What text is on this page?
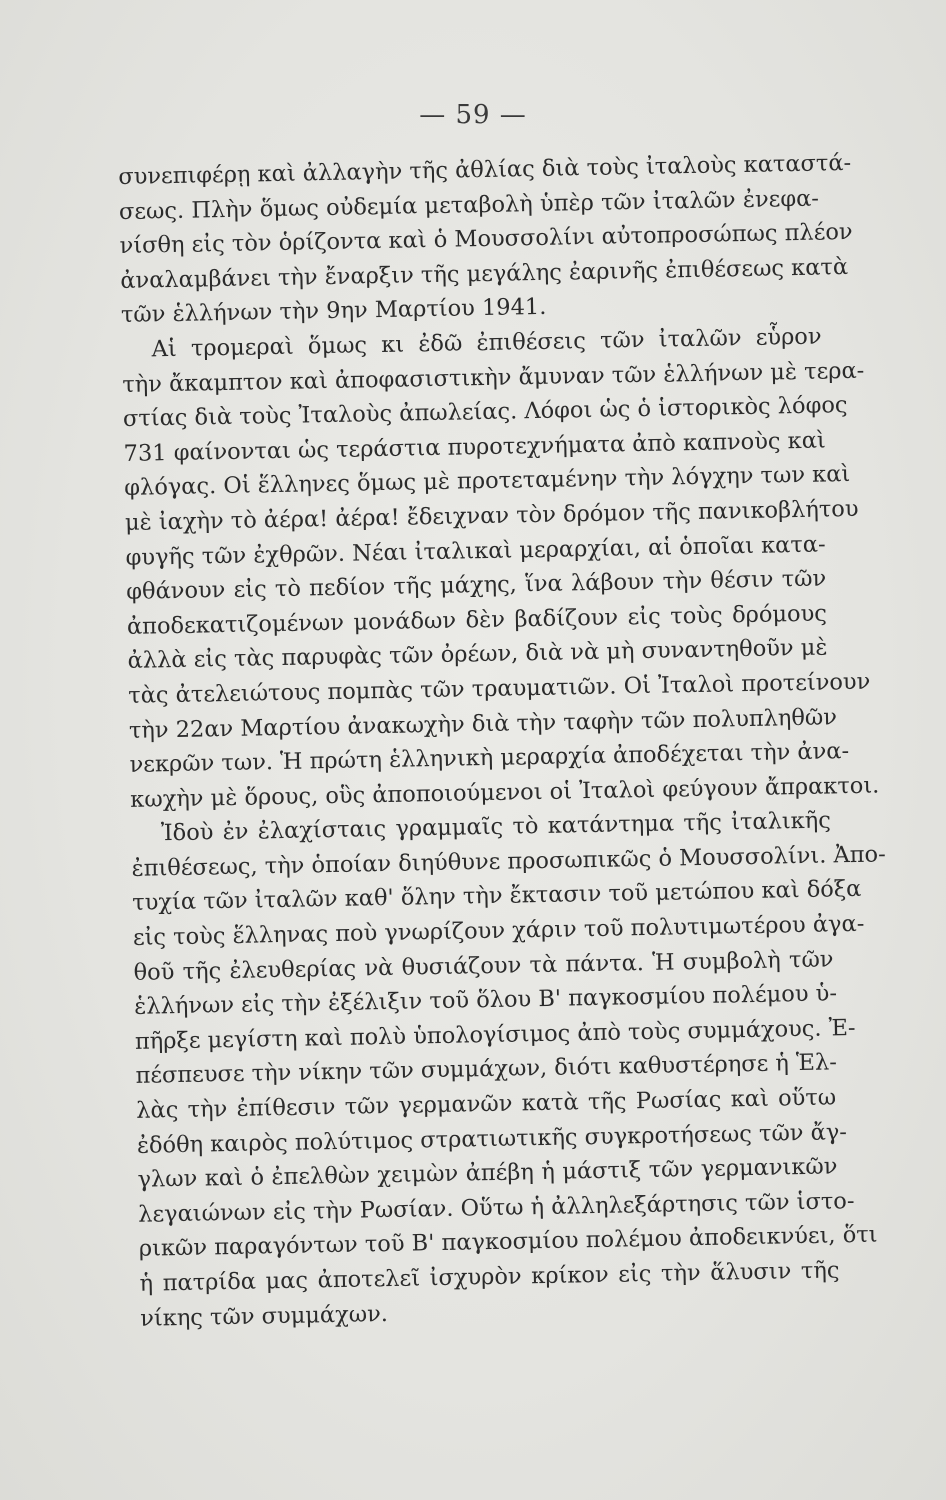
— 59 —
συνεπιφέρῃ καὶ ἀλλαγὴν τῆς ἀθλίας διὰ τοὺς ἰταλοὺς καταστά-
σεως. Πλὴν ὅμως οὐδεμία μεταβολὴ ὑπὲρ τῶν ἰταλῶν ἐνεφα-
νίσθη εἰς τὸν ὁρίζοντα καὶ ὁ Μουσσολίνι αὐτοπροσώπως πλέον
ἀναλαμβάνει τὴν ἔναρξιν τῆς μεγάλης ἐαρινῆς ἐπιθέσεως κατὰ
τῶν ἑλλήνων τὴν 9ην Μαρτίου 1941.
Αἱ τρομεραὶ ὅμως κι ἐδῶ ἐπιθέσεις τῶν ἰταλῶν εὗρον
τὴν ἄκαμπτον καὶ ἀποφασιστικὴν ἄμυναν τῶν ἑλλήνων μὲ τερα-
στίας διὰ τοὺς Ἰταλοὺς ἀπωλείας. Λόφοι ὡς ὁ ἱστορικὸς λόφος
731 φαίνονται ὡς τεράστια πυροτεχνήματα ἀπὸ καπνοὺς καὶ
φλόγας. Οἱ ἕλληνες ὅμως μὲ προτεταμένην τὴν λόγχην των καὶ
μὲ ἰαχὴν τὸ ἀέρα! ἀέρα! ἔδειχναν τὸν δρόμον τῆς πανικοβλήτου
φυγῆς τῶν ἐχθρῶν. Νέαι ἰταλικαὶ μεραρχίαι, αἱ ὁποῖαι κατα-
φθάνουν εἰς τὸ πεδίον τῆς μάχης, ἵνα λάβουν τὴν θέσιν τῶν
ἀποδεκατιζομένων μονάδων δὲν βαδίζουν εἰς τοὺς δρόμους
ἀλλὰ εἰς τὰς παρυφὰς τῶν ὀρέων, διὰ νὰ μὴ συναντηθοῦν μὲ
τὰς ἀτελειώτους πομπὰς τῶν τραυματιῶν. Οἱ Ἰταλοὶ προτείνουν
τὴν 22αν Μαρτίου ἀνακωχὴν διὰ τὴν ταφὴν τῶν πολυπληθῶν
νεκρῶν των. Ἡ πρώτη ἑλληνικὴ μεραρχία ἀποδέχεται τὴν ἀνα-
κωχὴν μὲ ὅρους, οὓς ἀποποιούμενοι οἱ Ἰταλοὶ φεύγουν ἄπρακτοι.
Ἰδοὺ ἐν ἐλαχίσταις γραμμαῖς τὸ κατάντημα τῆς ἰταλικῆς
ἐπιθέσεως, τὴν ὁποίαν διηύθυνε προσωπικῶς ὁ Μουσσολίνι. Ἀπο-
τυχία τῶν ἰταλῶν καθ' ὅλην τὴν ἔκτασιν τοῦ μετώπου καὶ δόξα
εἰς τοὺς ἕλληνας ποὺ γνωρίζουν χάριν τοῦ πολυτιμωτέρου ἀγα-
θοῦ τῆς ἐλευθερίας νὰ θυσιάζουν τὰ πάντα. Ἡ συμβολὴ τῶν
ἑλλήνων εἰς τὴν ἐξέλιξιν τοῦ ὅλου Β' παγκοσμίου πολέμου ὑ-
πῆρξε μεγίστη καὶ πολὺ ὑπολογίσιμος ἀπὸ τοὺς συμμάχους. Ἐ-
πέσπευσε τὴν νίκην τῶν συμμάχων, διότι καθυστέρησε ἡ Ἑλ-
λὰς τὴν ἐπίθεσιν τῶν γερμανῶν κατὰ τῆς Ρωσίας καὶ οὕτω
ἐδόθη καιρὸς πολύτιμος στρατιωτικῆς συγκροτήσεως τῶν ἄγ-
γλων καὶ ὁ ἐπελθὼν χειμὼν ἀπέβη ἡ μάστιξ τῶν γερμανικῶν
λεγαιώνων εἰς τὴν Ρωσίαν. Οὕτω ἡ ἀλληλεξάρτησις τῶν ἱστο-
ρικῶν παραγόντων τοῦ Β' παγκοσμίου πολέμου ἀποδεικνύει, ὅτι
ἡ πατρίδα μας ἀποτελεῖ ἰσχυρὸν κρίκον εἰς τὴν ἅλυσιν τῆς
νίκης τῶν συμμάχων.
